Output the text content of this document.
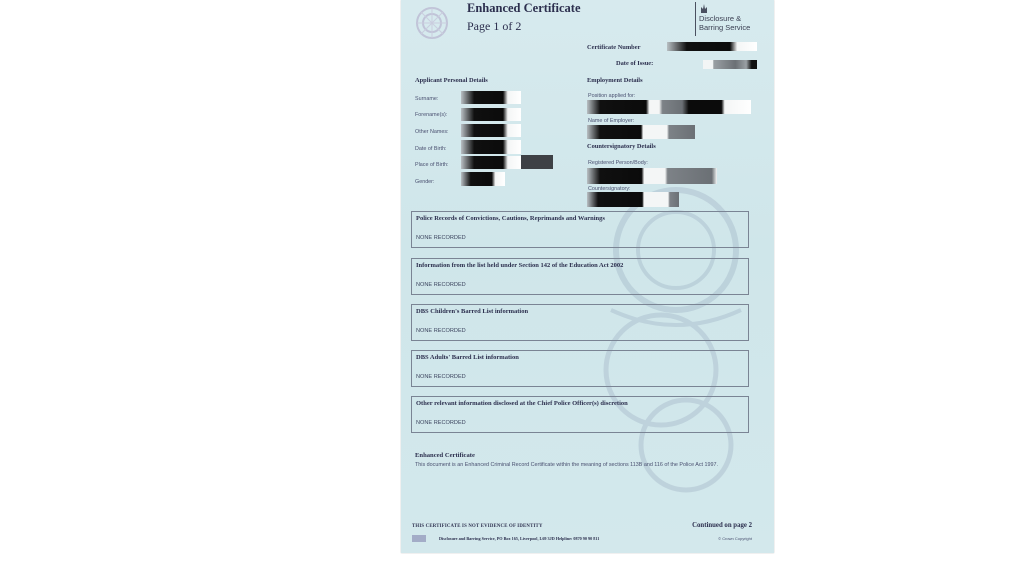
Enhanced Certificate
Page 1 of 2
Disclosure &
Barring Service
Certificate Number
Date of Issue:
Applicant Personal Details
Surname:
Forename(s):
Other Names:
Date of Birth:
Place of Birth:
Gender:
Employment Details
Position applied for:
Name of Employer:
Countersignatory Details
Registered Person/Body:
Countersignatory:
Police Records of Convictions, Cautions, Reprimands and Warnings
NONE RECORDED
Information from the list held under Section 142 of the Education Act 2002
NONE RECORDED
DBS Children's Barred List information
NONE RECORDED
DBS Adults' Barred List information
NONE RECORDED
Other relevant information disclosed at the Chief Police Officer(s) discretion
NONE RECORDED
Enhanced Certificate
This document is an Enhanced Criminal Record Certificate within the meaning of sections 113B and 116 of the Police Act 1997.
THIS CERTIFICATE IS NOT EVIDENCE OF IDENTITY	Continued on page 2
Disclosure and Barring Service, PO Box 165, Liverpool, L69 3JD Helpline: 0870 90 90 811	© Crown Copyright
